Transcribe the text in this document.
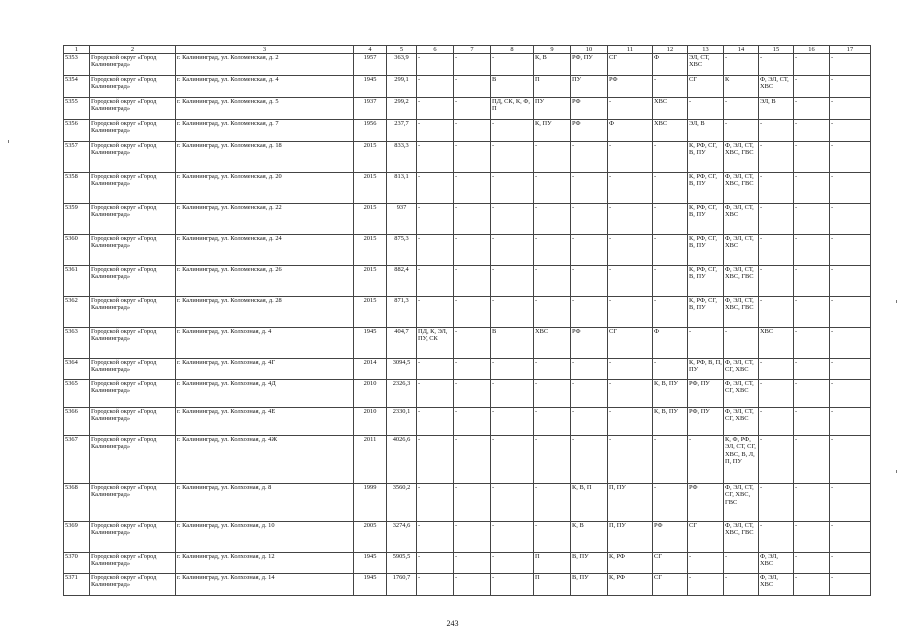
1	2	3	4	5	6	7	8	9	10	11	12	13	14	15	16	17
5353	Городской округ «Город Калининград»	г. Калининград, ул. Коломенская, д. 2	1957	363,9	-	-	-	К, В	РФ, ПУ	СГ	Ф	ЭЛ, СТ, ХВС	-	-	-	-
5354	Городской округ «Город Калининград»	г. Калининград, ул. Коломенская, д. 4	1945	299,1	-	-	В	П	ПУ	РФ	-	СГ	К	Ф, ЭЛ, СТ, ХВС	-	-
5355	Городской округ «Город Калининград»	г. Калининград, ул. Коломенская, д. 5	1937	299,2	-	-	ПД, СК, К, Ф, П	ПУ	РФ	-	ХВС	-	-	ЭЛ, В	-	-
5356	Городской округ «Город Калининград»	г. Калининград, ул. Коломенская, д. 7	1956	237,7	-	-	-	К, ПУ	РФ	Ф	ХВС	ЭЛ, В	-	-	-	-
5357	Городской округ «Город Калининград»	г. Калининград, ул. Коломенская, д. 18	2015	833,3	-	-	-	-	-	-	-	К, РФ, СГ, В, ПУ	Ф, ЭЛ, СТ, ХВС, ГВС	-	-	-
5358	Городской округ «Город Калининград»	г. Калининград, ул. Коломенская, д. 20	2015	813,1	-	-	-	-	-	-	-	К, РФ, СГ, В, ПУ	Ф, ЭЛ, СТ, ХВС, ГВС	-	-	-
5359	Городской округ «Город Калининград»	г. Калининград, ул. Коломенская, д. 22	2015	937	-	-	-	-	-	-	-	К, РФ, СГ, В, ПУ	Ф, ЭЛ, СТ, ХВС	-	-	-
5360	Городской округ «Город Калининград»	г. Калининград, ул. Коломенская, д. 24	2015	875,3	-	-	-	-	-	-	-	К, РФ, СГ, В, ПУ	Ф, ЭЛ, СТ, ХВС	-	-	-
5361	Городской округ «Город Калининград»	г. Калининград, ул. Коломенская, д. 26	2015	882,4	-	-	-	-	-	-	-	К, РФ, СГ, В, ПУ	Ф, ЭЛ, СТ, ХВС, ГВС	-	-	-
5362	Городской округ «Город Калининград»	г. Калининград, ул. Коломенская, д. 28	2015	871,3	-	-	-	-	-	-	-	К, РФ, СГ, В, ПУ	Ф, ЭЛ, СТ, ХВС, ГВС	-	-	-
5363	Городской округ «Город Калининград»	г. Калининград, ул. Колхозная, д. 4	1945	404,7	ПД, К, ЭЛ, ПУ, СК	-	В	ХВС	РФ	СГ	Ф	-	-	ХВС	-	-
5364	Городской округ «Город Калининград»	г. Калининград, ул. Колхозная, д. 4Г	2014	3094,5	-	-	-	-	-	-	-	К, РФ, В, П, ПУ	Ф, ЭЛ, СТ, СГ, ХВС	-	-	-
5365	Городской округ «Город Калининград»	г. Калининград, ул. Колхозная, д. 4Д	2010	2326,3	-	-	-	-	-	-	К, В, ПУ	РФ, ПУ	Ф, ЭЛ, СТ, СГ, ХВС	-	-	-
5366	Городской округ «Город Калининград»	г. Калининград, ул. Колхозная, д. 4Е	2010	2330,1	-	-	-	-	-	-	К, В, ПУ	РФ, ПУ	Ф, ЭЛ, СТ, СГ, ХВС	-	-	-
5367	Городской округ «Город Калининград»	г. Калининград, ул. Колхозная, д. 4Ж	2011	4026,6	-	-	-	-	-	-	-	-	К, Ф, РФ, ЭЛ, СТ, СГ, ХВС, В, Л, П, ПУ	-	-	-
5368	Городской округ «Город Калининград»	г. Калининград, ул. Колхозная, д. 8	1999	3560,2	-	-	-	-	К, В, П	П, ПУ	-	РФ	Ф, ЭЛ, СТ, СГ, ХВС, ГВС	-	-	-
5369	Городской округ «Город Калининград»	г. Калининград, ул. Колхозная, д. 10	2005	3274,6	-	-	-	-	К, В	П, ПУ	РФ	СГ	Ф, ЭЛ, СТ, ХВС, ГВС	-	-	-
5370	Городской округ «Город Калининград»	г. Калининград, ул. Колхозная, д. 12	1945	5905,5	-	-	-	П	В, ПУ	К, РФ	СГ	-	-	Ф, ЭЛ, ХВС	-	-
5371	Городской округ «Город Калининград»	г. Калининград, ул. Колхозная, д. 14	1945	1760,7	-	-	-	П	В, ПУ	К, РФ	СГ	-	-	Ф, ЭЛ, ХВС	-	-
243
